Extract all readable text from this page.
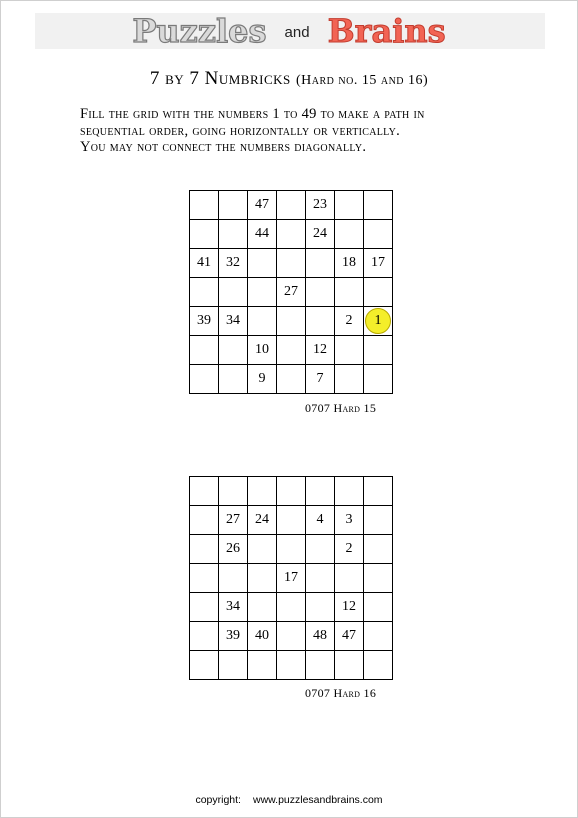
Puzzles and Brains
7 by 7 Numbricks (Hard no. 15 and 16)
Fill the grid with the numbers 1 to 49 to make a path in
sequential order, going horizontally or vertically.
You may not connect the numbers diagonally.
		47		23		
		44		24		
41	32				18	17
			27			
39	34				2	1
		10		12		
		9		7		
0707 Hard 15

	27	24		4	3	
	26				2	
			17			
	34				12	
	39	40		48	47	

0707 Hard 16
copyright: www.puzzlesandbrains.com
